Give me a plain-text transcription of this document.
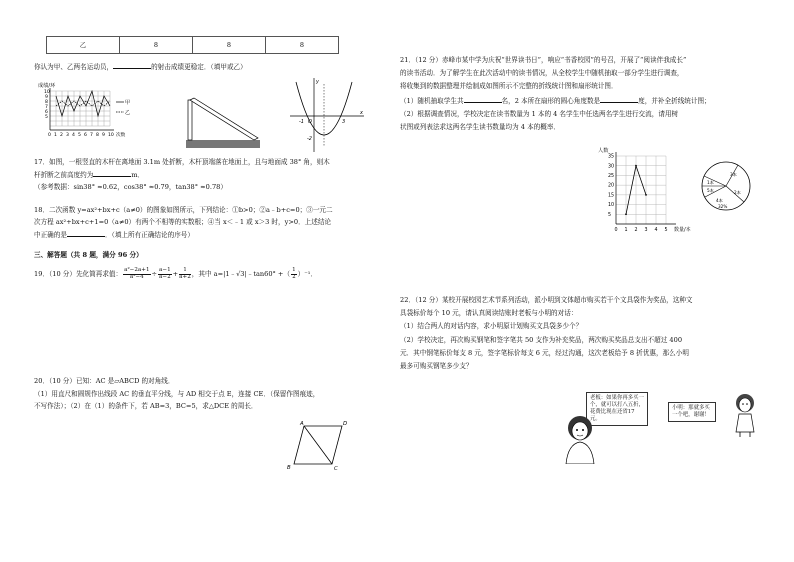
乙	8	8	8
你认为甲、乙两名运动员，	的射击成绩更稳定．（填甲或乙）
成绩/环
10
9
8
7
6
5
0 1 2 3 4 5 6 7 8 9 10 次数
甲
乙
y
x
O
-1	3
-2
17．如图，一根竖直的木杆在离地面 3.1m 处折断，木杆顶端落在地面上，且与地面成 38° 角，则木
杆折断之前高度约为	m．
（参考数据：sin38° ≈0.62，cos38° ≈0.79，tan38° ≈0.78）
18．二次函数 y=ax²+bx+c（a≠0）的图象如图所示，下列结论：①b>0；②a﹣b+c=0；③一元二
次方程 ax²+bx+c+1=0（a≠0）有两个不相等的实数根；④当 x＜﹣1 或 x＞3 时，y>0．上述结论
中正确的是	．（填上所有正确结论的序号）
三、解答题（共 8 题，满分 96 分）
19．（10 分）先化简再求值： $\frac{\text{a²−2a+1}}{\text{a²−4}} \div \frac{a-1}{a-2} + \frac{1}{a+2}$ ，其中 a=|1﹣√3|﹣tan60° +（ $\frac{1}{2} )^{-1}$．
20．（10 分）已知：AC 是▱ABCD 的对角线．
（1）用直尺和圆规作出线段 AC 的垂直平分线，与 AD 相交于点 E，连接 CE．（保留作图痕迹，
不写作法）；（2）在（1）的条件下，若 AB=3，BC=5，求△DCE 的周长．
A	D
B	C
21．（12 分）赤峰市某中学为庆祝“世界读书日”，响应“书香校园”的号召，开展了“阅读伴我成长”
的读书活动．为了解学生在此次活动中的读书情况，从全校学生中随机抽取一部分学生进行调查，
将收集到的数据整理并绘制成如图所示不完整的折线统计图和扇形统计图．
（1）随机抽取学生共	名，2 本所在扇形的圆心角度数是	度，并补全折线统计图；
（2）根据调查情况，学校决定在读书数量为 1 本的 4 名学生中任选两名学生进行交流，请用树
状图或列表法求这两名学生读书数量均为 4 本的概率．
人数
5
10
15
20
25
30
35
0 1 2 3 4 5 数量/本
1本
5本
3本
4本
32%
2本
22．（12 分）某校开展校园艺术节系列活动，派小明到文体超市购买若干个文具袋作为奖品，这种文
具袋标价每个 10 元，请认真阅读结账时老板与小明的对话：
（1）结合两人的对话内容，求小明原计划购买文具袋多少个？
（2）学校决定，再次购买钢笔和签字笔共 50 支作为补充奖品，两次购买奖品总支出不超过 400
元．其中钢笔标价每支 8 元，签字笔标价每支 6 元，经过沟通，这次老板给予 8 折优惠，那么小明
最多可购买钢笔多少支？
老板：如果你再多买一个，就可以打八五折，花费比现在还省17元。
小明：那就多买一个吧，谢谢！
